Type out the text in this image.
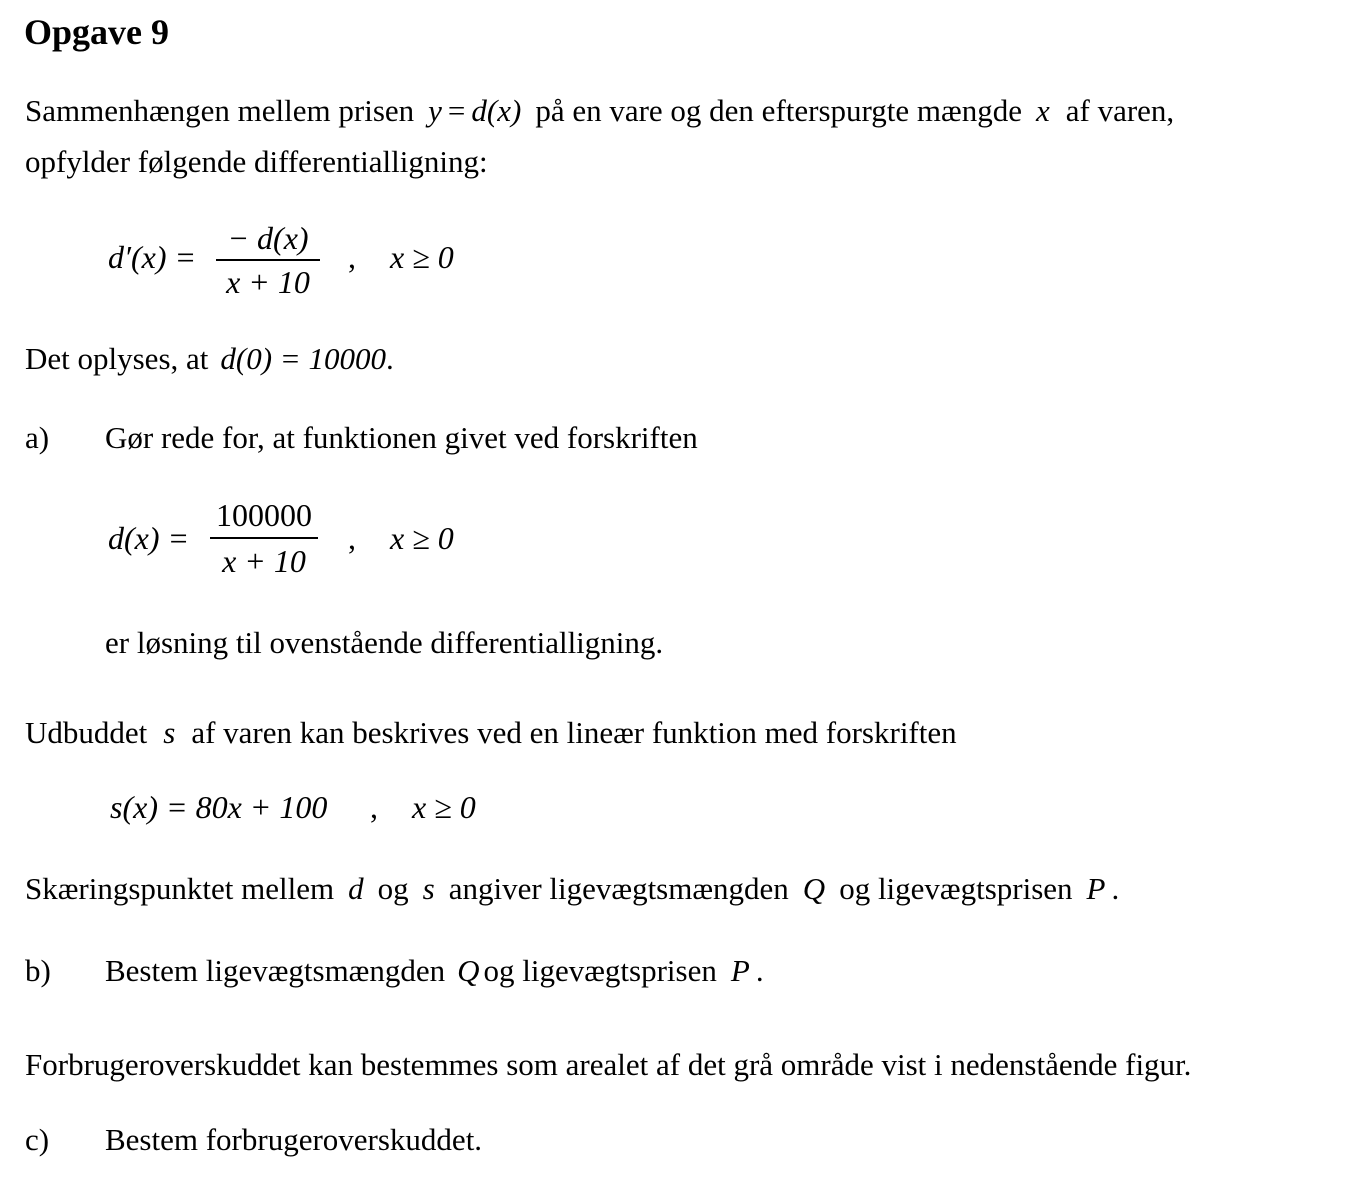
Opgave 9
Sammenhængen mellem prisen y = d(x) på en vare og den efterspurgte mængde x af varen,
opfylder følgende differentialligning:
d′(x) =
− d(x)
x + 10
, x ≥ 0
Det oplyses, at d(0) = 10000.
a) Gør rede for, at funktionen givet ved forskriften
d(x) =
100000
x + 10
, x ≥ 0
er løsning til ovenstående differentialligning.
Udbuddet s af varen kan beskrives ved en lineær funktion med forskriften
s(x) = 80x + 100 , x ≥ 0
Skæringspunktet mellem d og s angiver ligevægtsmængden Q og ligevægtsprisen P .
b) Bestem ligevægtsmængden Q og ligevægtsprisen P .
Forbrugeroverskuddet kan bestemmes som arealet af det grå område vist i nedenstående figur.
c) Bestem forbrugeroverskuddet.
